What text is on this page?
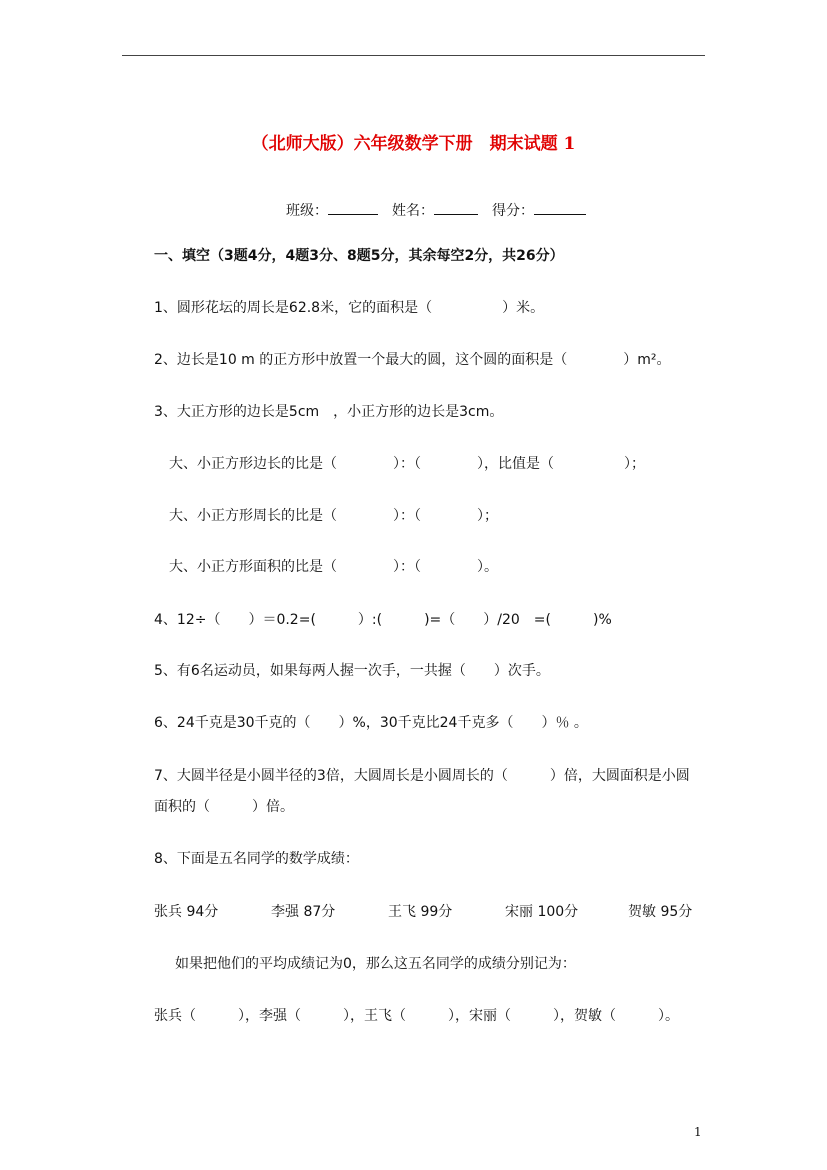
（北师大版）六年级数学下册　期末试题 1
班级：	姓名：	得分：
一、填空（3题4分，4题3分、8题5分，其余每空2分，共26分）
1、圆形花坛的周长是62.8米，它的面积是（　　　　　）米。
2、边长是10 m 的正方形中放置一个最大的圆，这个圆的面积是（　　　　）m²。
3、大正方形的边长是5cm　，小正方形的边长是3cm。
大、小正方形边长的比是（　　　　）：（　　　　），比值是（　　　　　）；
大、小正方形周长的比是（　　　　）：（　　　　）；
大、小正方形面积的比是（　　　　）：（　　　　）。
4、12÷（　　）＝0.2=(　　　）:(　　　)=（　　）/20　=(　　　)%
5、有6名运动员，如果每两人握一次手，一共握（　　）次手。
6、24千克是30千克的（　　）%，30千克比24千克多（　　）％ 。
7、大圆半径是小圆半径的3倍，大圆周长是小圆周长的（　　　）倍，大圆面积是小圆
面积的（　　　）倍。
8、下面是五名同学的数学成绩：
张兵 94分	李强 87分	王飞 99分	宋丽 100分	贺敏 95分
如果把他们的平均成绩记为0，那么这五名同学的成绩分别记为：
张兵（　　　），李强（　　　），王飞（　　　），宋丽（　　　），贺敏（　　　）。
1
